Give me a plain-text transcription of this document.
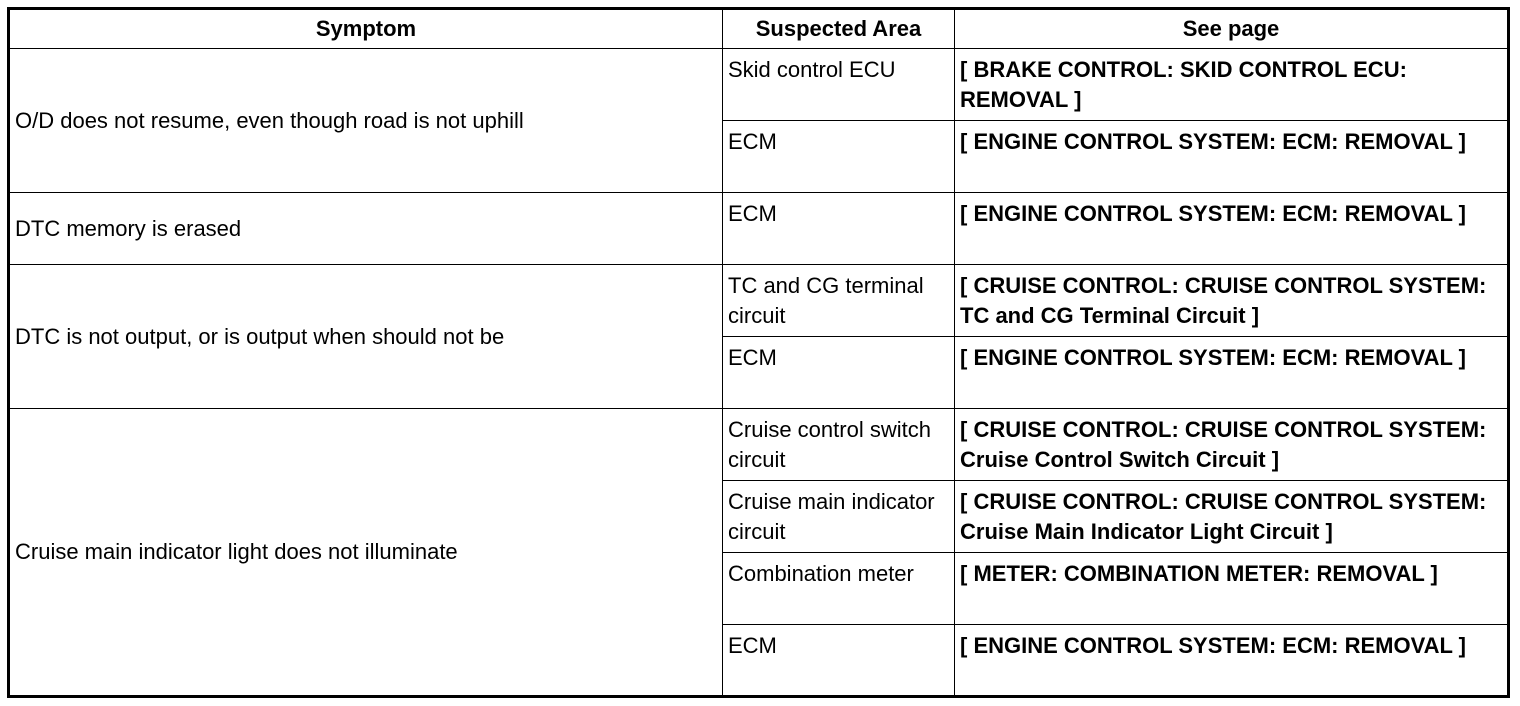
Symptom	Suspected Area	See page
O/D does not resume, even though road is not uphill	Skid control ECU	[ BRAKE CONTROL: SKID CONTROL ECU: REMOVAL ]
	ECM	[ ENGINE CONTROL SYSTEM: ECM: REMOVAL ]
DTC memory is erased	ECM	[ ENGINE CONTROL SYSTEM: ECM: REMOVAL ]
DTC is not output, or is output when should not be	TC and CG terminal circuit	[ CRUISE CONTROL: CRUISE CONTROL SYSTEM: TC and CG Terminal Circuit ]
	ECM	[ ENGINE CONTROL SYSTEM: ECM: REMOVAL ]
Cruise main indicator light does not illuminate	Cruise control switch circuit	[ CRUISE CONTROL: CRUISE CONTROL SYSTEM: Cruise Control Switch Circuit ]
	Cruise main indicator circuit	[ CRUISE CONTROL: CRUISE CONTROL SYSTEM: Cruise Main Indicator Light Circuit ]
	Combination meter	[ METER: COMBINATION METER: REMOVAL ]
	ECM	[ ENGINE CONTROL SYSTEM: ECM: REMOVAL ]
